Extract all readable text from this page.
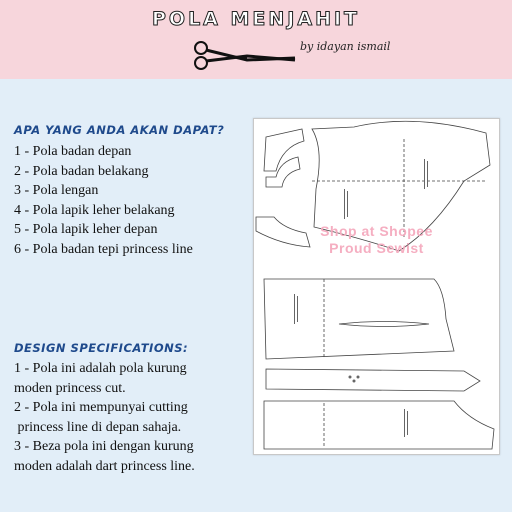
POLA MENJAHIT
by idayan ismail
APA YANG ANDA AKAN DAPAT?
1 - Pola badan depan
2 - Pola badan belakang
3 - Pola lengan
4 - Pola lapik leher belakang
5 - Pola lapik leher depan
6 - Pola badan tepi princess line
DESIGN SPECIFICATIONS:
1 - Pola ini adalah pola kurung
moden princess cut.
2 - Pola ini mempunyai cutting
princess line di depan sahaja.
3 - Beza pola ini dengan kurung
moden adalah dart princess line.
Shop at Shopee
Proud Sewist
